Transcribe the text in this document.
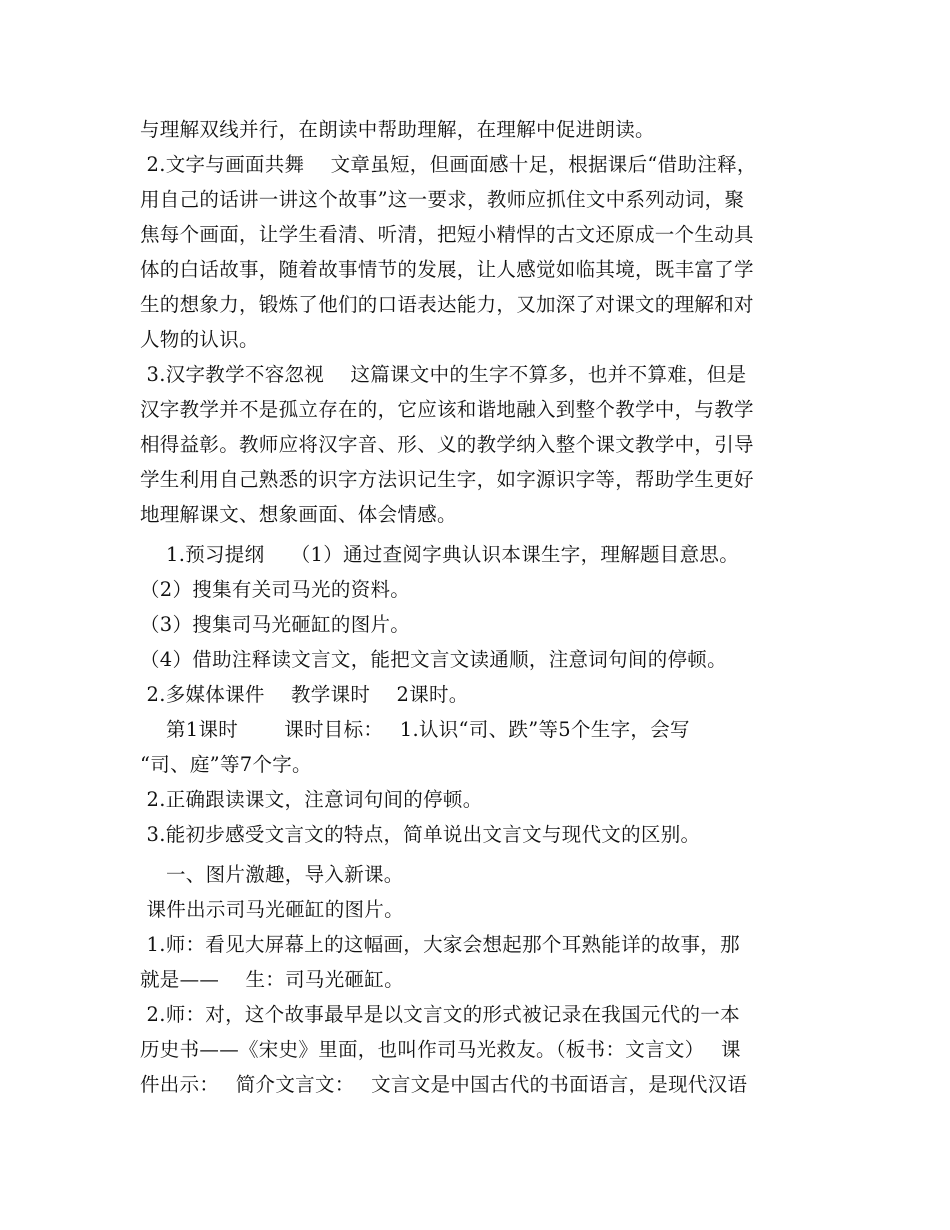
与理解双线并行，在朗读中帮助理解，在理解中促进朗读。
2.文字与画面共舞　 文章虽短，但画面感十足，根据课后“借助注释，
用自己的话讲一讲这个故事”这一要求，教师应抓住文中系列动词，聚
焦每个画面，让学生看清、听清，把短小精悍的古文还原成一个生动具
体的白话故事，随着故事情节的发展，让人感觉如临其境，既丰富了学
生的想象力，锻炼了他们的口语表达能力，又加深了对课文的理解和对
人物的认识。
3.汉字教学不容忽视　 这篇课文中的生字不算多，也并不算难，但是
汉字教学并不是孤立存在的，它应该和谐地融入到整个教学中，与教学
相得益彰。教师应将汉字音、形、义的教学纳入整个课文教学中，引导
学生利用自己熟悉的识字方法识记生字，如字源识字等，帮助学生更好
地理解课文、想象画面、体会情感。
1.预习提纲　 （1）通过查阅字典认识本课生字，理解题目意思。
（2）搜集有关司马光的资料。
（3）搜集司马光砸缸的图片。
（4）借助注释读文言文，能把文言文读通顺，注意词句间的停顿。
2.多媒体课件　 教学课时　 2课时。
第1课时　　 课时目标：　 1.认识“司、跌”等5个生字，会写
“司、庭”等7个字。
2.正确跟读课文，注意词句间的停顿。
3.能初步感受文言文的特点，简单说出文言文与现代文的区别。
一、图片激趣，导入新课。
课件出示司马光砸缸的图片。
1.师：看见大屏幕上的这幅画，大家会想起那个耳熟能详的故事，那
就是——　 生：司马光砸缸。
2.师：对，这个故事最早是以文言文的形式被记录在我国元代的一本
历史书——《宋史》里面，也叫作司马光救友。（板书：文言文）　 课
件出示：　 简介文言文：　 文言文是中国古代的书面语言，是现代汉语
